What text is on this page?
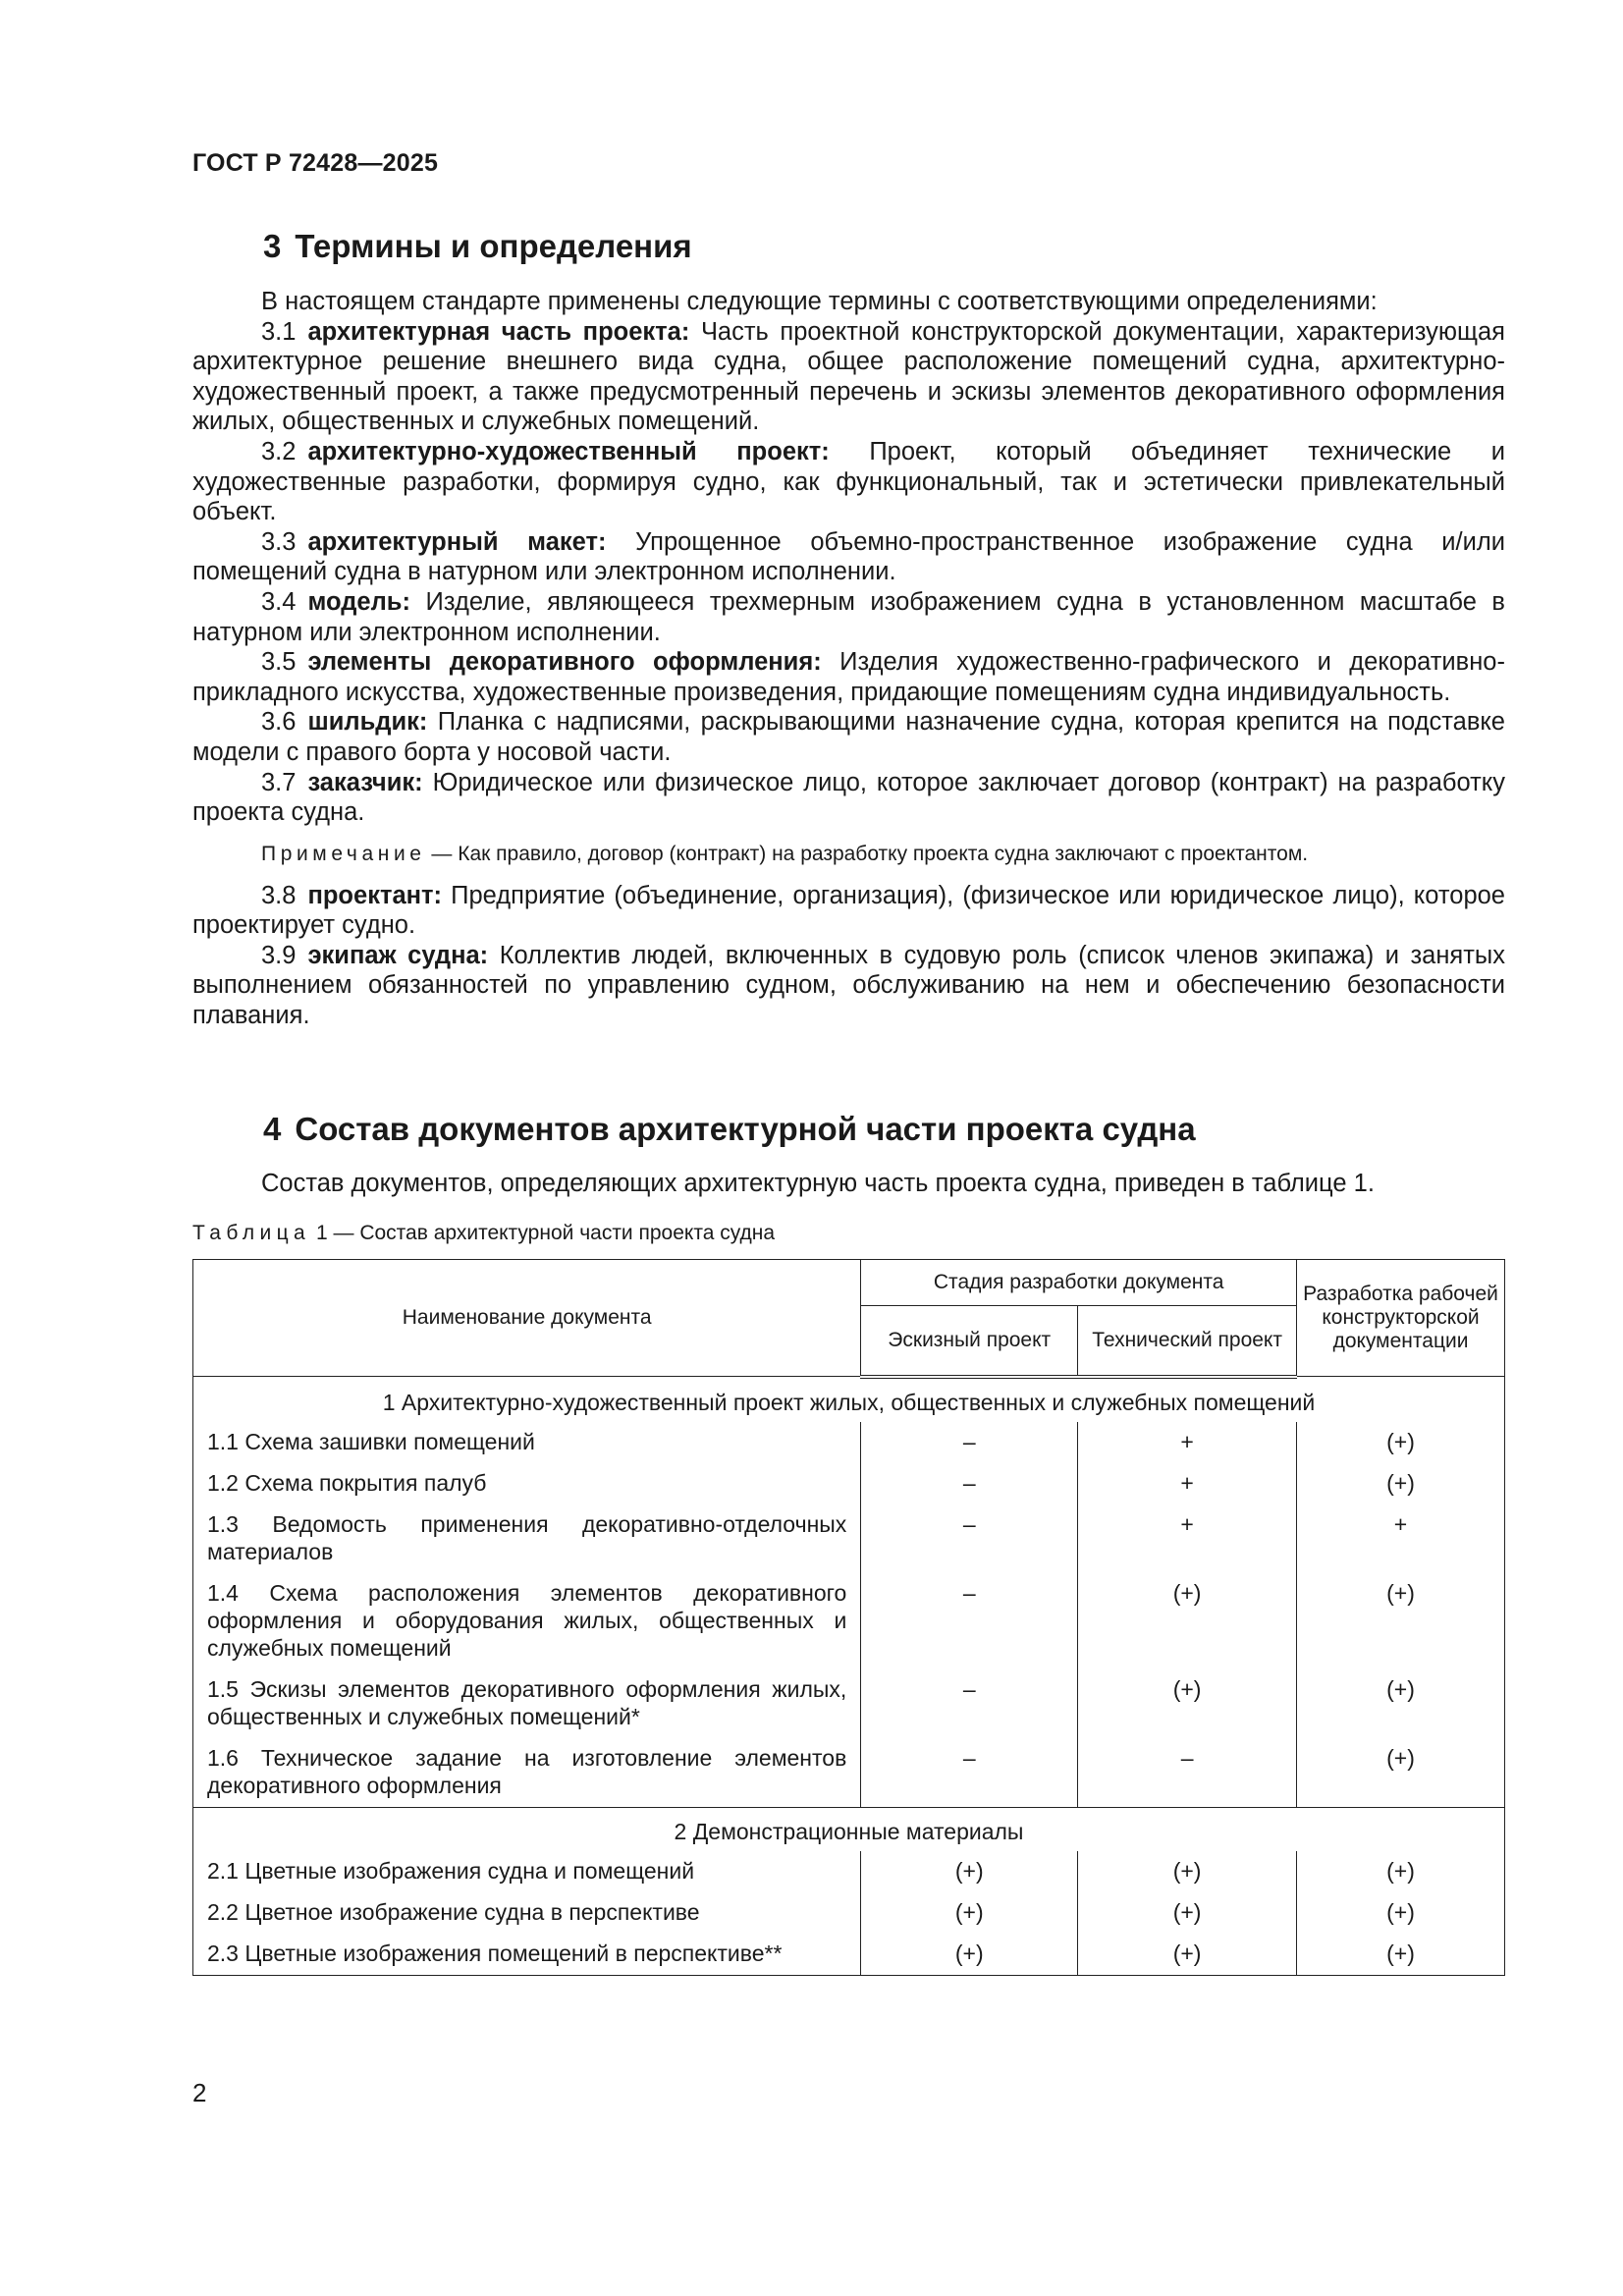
ГОСТ Р 72428—2025
3 Термины и определения

В настоящем стандарте применены следующие термины с соответствующими определениями:

3.1 архитектурная часть проекта: Часть проектной конструкторской документации, характеризующая архитектурное решение внешнего вида судна, общее расположение помещений судна, архитектурно-художественный проект, а также предусмотренный перечень и эскизы элементов декоративного оформления жилых, общественных и служебных помещений.

3.2 архитектурно-художественный проект: Проект, который объединяет технические и художественные разработки, формируя судно, как функциональный, так и эстетически привлекательный объект.

3.3 архитектурный макет: Упрощенное объемно-пространственное изображение судна и/или помещений судна в натурном или электронном исполнении.

3.4 модель: Изделие, являющееся трехмерным изображением судна в установленном масштабе в натурном или электронном исполнении.

3.5 элементы декоративного оформления: Изделия художественно-графического и декоративно-прикладного искусства, художественные произведения, придающие помещениям судна индивидуальность.

3.6 шильдик: Планка с надписями, раскрывающими назначение судна, которая крепится на подставке модели с правого борта у носовой части.

3.7 заказчик: Юридическое или физическое лицо, которое заключает договор (контракт) на разработку проекта судна.

Примечание — Как правило, договор (контракт) на разработку проекта судна заключают с проектантом.

3.8 проектант: Предприятие (объединение, организация), (физическое или юридическое лицо), которое проектирует судно.

3.9 экипаж судна: Коллектив людей, включенных в судовую роль (список членов экипажа) и занятых выполнением обязанностей по управлению судном, обслуживанию на нем и обеспечению безопасности плавания.

4 Состав документов архитектурной части проекта судна

Состав документов, определяющих архитектурную часть проекта судна, приведен в таблице 1.

Таблица 1 — Состав архитектурной части проекта судна
Наименование документа	Стадия разработки документа		Разработка рабочей конструкторской документации
	Эскизный проект	Технический проект	
1 Архитектурно-художественный проект жилых, общественных и служебных помещений			
1.1 Схема зашивки помещений	–	+	(+)
1.2 Схема покрытия палуб	–	+	(+)
1.3 Ведомость применения декоративно-отделочных материалов	–	+	+
1.4 Схема расположения элементов декоративного оформления и оборудования жилых, общественных и служебных помещений	–	(+)	(+)
1.5 Эскизы элементов декоративного оформления жилых, общественных и служебных помещений*	–	(+)	(+)
1.6 Техническое задание на изготовление элементов декоративного оформления	–	–	(+)
2 Демонстрационные материалы			
2.1 Цветные изображения судна и помещений	(+)	(+)	(+)
2.2 Цветное изображение судна в перспективе	(+)	(+)	(+)
2.3 Цветные изображения помещений в перспективе**	(+)	(+)	(+)
2
